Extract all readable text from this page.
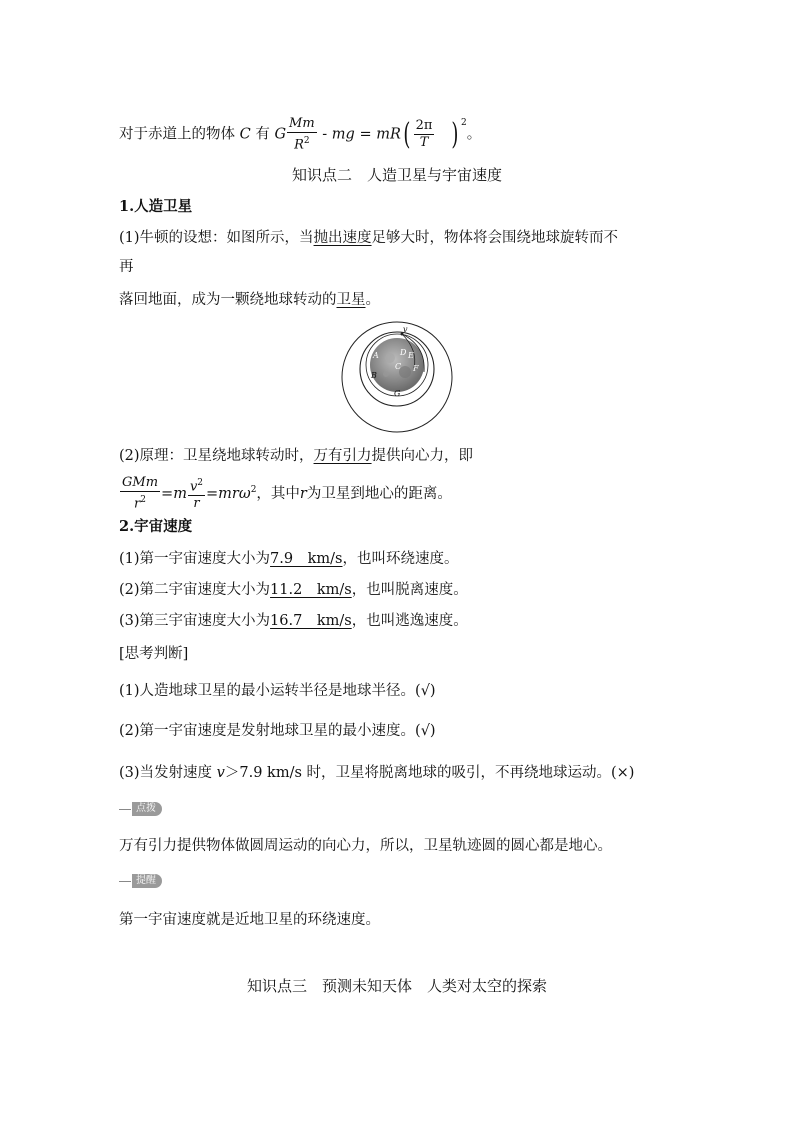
对于赤道上的物体 C 有 G $\frac{Mm}{R^2}$ - mg = $mR( \frac{2\pi}{T}$ ) $^2$。
知识点二　人造卫星与宇宙速度
1.人造卫星
(1)牛顿的设想：如图所示，当抛出速度足够大时，物体将会围绕地球旋转而不
再
落回地面，成为一颗绕地球转动的卫星。
v
A	D E
C F
B
G
(2)原理：卫星绕地球转动时，万有引力提供向心力，即
$\frac{\text{GMm}}{r^2} =m \frac{v^2}{r} =mr\omega^2$，其中r为卫星到地心的距离。
2.宇宙速度
(1)第一宇宙速度大小为7.9　km/s，也叫环绕速度。
(2)第二宇宙速度大小为11.2　km/s，也叫脱离速度。
(3)第三宇宙速度大小为16.7　km/s，也叫逃逸速度。
[思考判断]
(1)人造地球卫星的最小运转半径是地球半径。(√)
(2)第一宇宙速度是发射地球卫星的最小速度。(√)
(3)当发射速度 v＞7.9 km/s 时，卫星将脱离地球的吸引，不再绕地球运动。(×)
点拨
万有引力提供物体做圆周运动的向心力，所以，卫星轨迹圆的圆心都是地心。
提醒
第一宇宙速度就是近地卫星的环绕速度。
知识点三　预测未知天体　人类对太空的探索
